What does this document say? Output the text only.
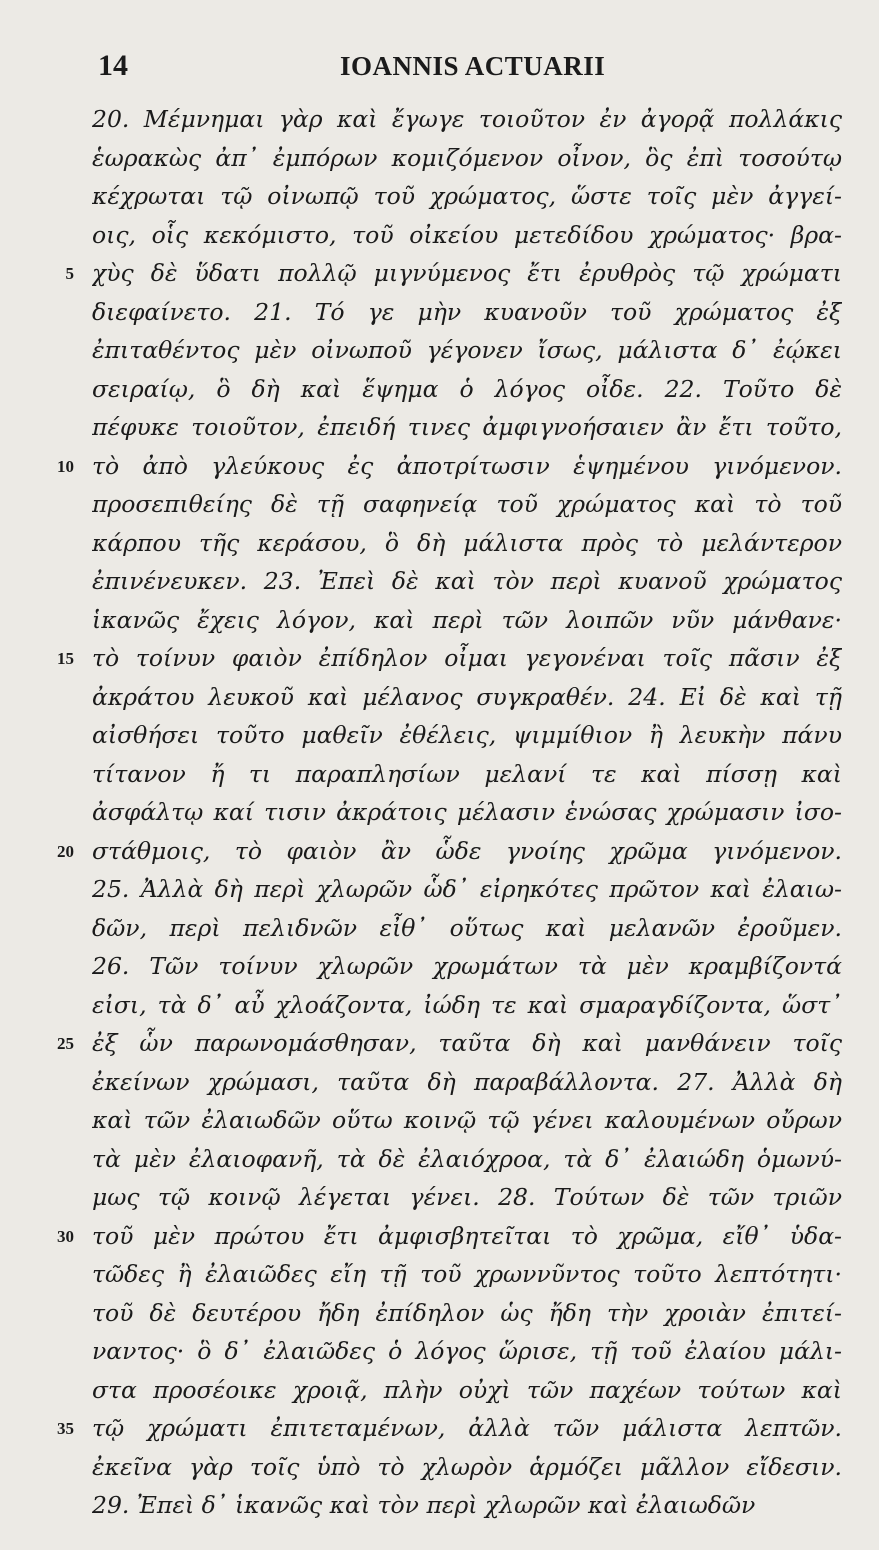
14	IOANNIS ACTUARII
20. Μέμνημαι γὰρ καὶ ἔγωγε τοιοῦτον ἐν ἀγορᾷ πολλάκις
ἑωρακὼς ἀπ᾽ ἐμπόρων κομιζόμενον οἶνον, ὃς ἐπὶ τοσούτῳ
κέχρωται τῷ οἰνωπῷ τοῦ χρώματος, ὥστε τοῖς μὲν ἀγγεί-
οις, οἷς κεκόμιστο, τοῦ οἰκείου μετεδίδου χρώματος· βρα-
5 χὺς δὲ ὕδατι πολλῷ μιγνύμενος ἔτι ἐρυθρὸς τῷ χρώματι
διεφαίνετο. 21. Τό γε μὴν κυανοῦν τοῦ χρώματος ἐξ
ἐπιταθέντος μὲν οἰνωποῦ γέγονεν ἴσως, μάλιστα δ᾽ ἐῴκει
σειραίῳ, ὃ δὴ καὶ ἕψημα ὁ λόγος οἶδε. 22. Τοῦτο δὲ
πέφυκε τοιοῦτον, ἐπειδή τινες ἀμφιγνοήσαιεν ἂν ἔτι τοῦτο,
10 τὸ ἀπὸ γλεύκους ἐς ἀποτρίτωσιν ἑψημένου γινόμενον.
προσεπιθείης δὲ τῇ σαφηνείᾳ τοῦ χρώματος καὶ τὸ τοῦ
κάρπου τῆς κεράσου, ὃ δὴ μάλιστα πρὸς τὸ μελάντερον
ἐπινένευκεν. 23. Ἐπεὶ δὲ καὶ τὸν περὶ κυανοῦ χρώματος
ἱκανῶς ἔχεις λόγον, καὶ περὶ τῶν λοιπῶν νῦν μάνθανε·
15 τὸ τοίνυν φαιὸν ἐπίδηλον οἶμαι γεγονέναι τοῖς πᾶσιν ἐξ
ἀκράτου λευκοῦ καὶ μέλανος συγκραθέν. 24. Εἰ δὲ καὶ τῇ
αἰσθήσει τοῦτο μαθεῖν ἐθέλεις, ψιμμίθιον ἢ λευκὴν πάνυ
τίτανον ἤ τι παραπλησίων μελανί τε καὶ πίσσῃ καὶ
ἀσφάλτῳ καί τισιν ἀκράτοις μέλασιν ἑνώσας χρώμασιν ἰσο-
20 στάθμοις, τὸ φαιὸν ἂν ὧδε γνοίης χρῶμα γινόμενον.
25. Ἀλλὰ δὴ περὶ χλωρῶν ὧδ᾽ εἰρηκότες πρῶτον καὶ ἐλαιω-
δῶν, περὶ πελιδνῶν εἶθ᾽ οὕτως καὶ μελανῶν ἐροῦμεν.
26. Τῶν τοίνυν χλωρῶν χρωμάτων τὰ μὲν κραμβίζοντά
εἰσι, τὰ δ᾽ αὖ χλοάζοντα, ἰώδη τε καὶ σμαραγδίζοντα, ὥστ᾽
25 ἐξ ὧν παρωνομάσθησαν, ταῦτα δὴ καὶ μανθάνειν τοῖς
ἐκείνων χρώμασι, ταῦτα δὴ παραβάλλοντα. 27. Ἀλλὰ δὴ
καὶ τῶν ἐλαιωδῶν οὕτω κοινῷ τῷ γένει καλουμένων οὔρων
τὰ μὲν ἐλαιοφανῆ, τὰ δὲ ἐλαιόχροα, τὰ δ᾽ ἐλαιώδη ὁμωνύ-
μως τῷ κοινῷ λέγεται γένει. 28. Τούτων δὲ τῶν τριῶν
30 τοῦ μὲν πρώτου ἔτι ἀμφισβητεῖται τὸ χρῶμα, εἴθ᾽ ὑδα-
τῶδες ἢ ἐλαιῶδες εἴη τῇ τοῦ χρωννῦντος τοῦτο λεπτότητι·
τοῦ δὲ δευτέρου ἤδη ἐπίδηλον ὡς ἤδη τὴν χροιὰν ἐπιτεί-
ναντος· ὃ δ᾽ ἐλαιῶδες ὁ λόγος ὥρισε, τῇ τοῦ ἐλαίου μάλι-
στα προσέοικε χροιᾷ, πλὴν οὐχὶ τῶν παχέων τούτων καὶ
35 τῷ χρώματι ἐπιτεταμένων, ἀλλὰ τῶν μάλιστα λεπτῶν.
ἐκεῖνα γὰρ τοῖς ὑπὸ τὸ χλωρὸν ἁρμόζει μᾶλλον εἴδεσιν.
29. Ἐπεὶ δ᾽ ἱκανῶς καὶ τὸν περὶ χλωρῶν καὶ ἐλαιωδῶν
